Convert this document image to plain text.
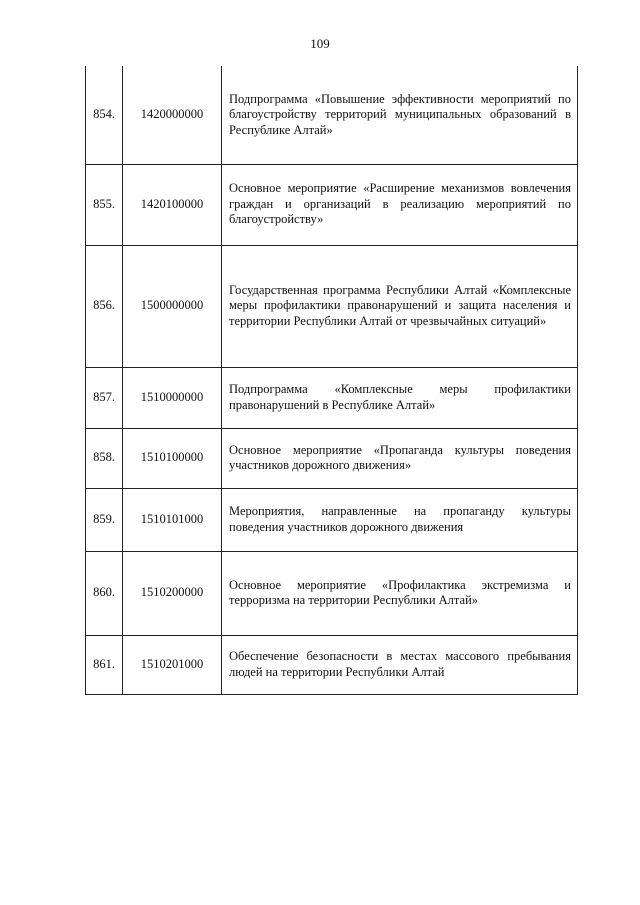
109
854.	1420000000	Подпрограмма «Повышение эффективности мероприятий по благоустройству территорий муниципальных образований в Республике Алтай»
855.	1420100000	Основное мероприятие «Расширение механизмов вовлечения граждан и организаций в реализацию мероприятий по благоустройству»
856.	1500000000	Государственная программа Республики Алтай «Комплексные меры профилактики правонарушений и защита населения и территории Республики Алтай от чрезвычайных ситуаций»
857.	1510000000	Подпрограмма «Комплексные меры профилактики правонарушений в Республике Алтай»
858.	1510100000	Основное мероприятие «Пропаганда культуры поведения участников дорожного движения»
859.	1510101000	Мероприятия, направленные на пропаганду культуры поведения участников дорожного движения
860.	1510200000	Основное мероприятие «Профилактика экстремизма и терроризма на территории Республики Алтай»
861.	1510201000	Обеспечение безопасности в местах массового пребывания людей на территории Республики Алтай
